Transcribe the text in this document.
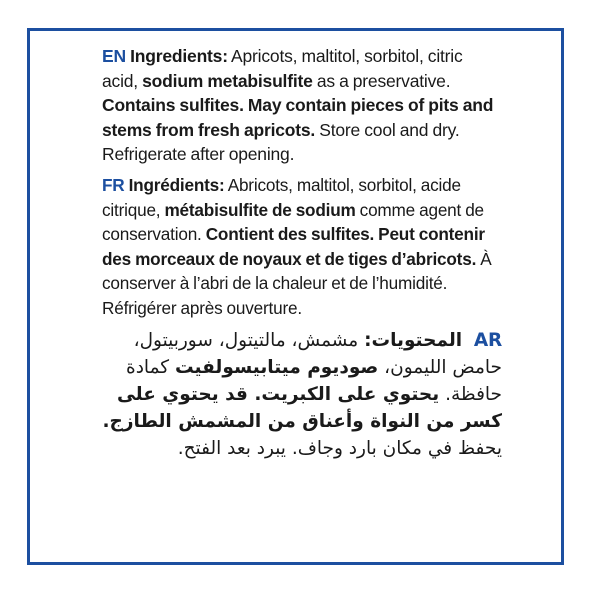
EN Ingredients: Apricots, maltitol, sorbitol, citric acid, sodium metabisulfite as a preservative. Contains sulfites. May contain pieces of pits and stems from fresh apricots. Store cool and dry. Refrigerate after opening.

FR Ingrédients: Abricots, maltitol, sorbitol, acide citrique, métabisulfite de sodium comme agent de conservation. Contient des sulfites. Peut contenir des morceaux de noyaux et de tiges d’abricots. À conserver à l’abri de la chaleur et de l’humidité. Réfrigérer après ouverture.

AR المحتويات: مشمش، مالتيتول، سوربيتول، حامض الليمون، صوديوم ميتابيسولفيت كمادة حافظة. يحتوي على الكبريت. قد يحتوي على كسر من النواة وأعناق من المشمش الطازج. يحفظ في مكان بارد وجاف. يبرد بعد الفتح.
